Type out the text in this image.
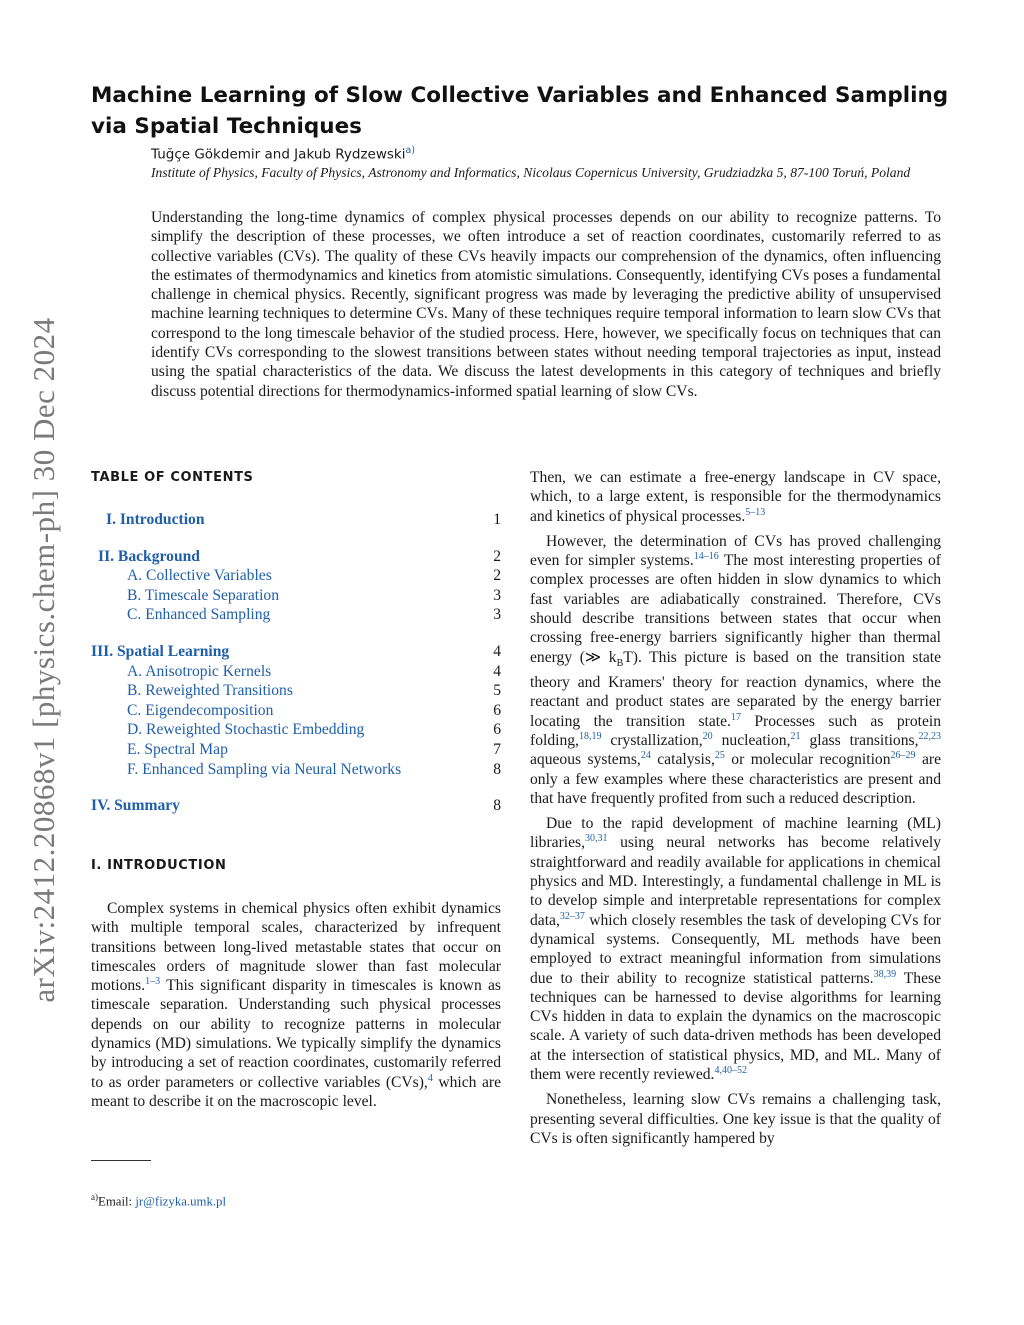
arXiv:2412.20868v1 [physics.chem-ph] 30 Dec 2024
Machine Learning of Slow Collective Variables and Enhanced Sampling via Spatial Techniques
Tuğçe Gökdemir and Jakub Rydzewski$^{a)}$
Institute of Physics, Faculty of Physics, Astronomy and Informatics, Nicolaus Copernicus University, Grudziadzka 5, 87-100 Toruń, Poland
Understanding the long-time dynamics of complex physical processes depends on our ability to recognize patterns. To simplify the description of these processes, we often introduce a set of reaction coordinates, customarily referred to as collective variables (CVs). The quality of these CVs heavily impacts our comprehension of the dynamics, often influencing the estimates of thermodynamics and kinetics from atomistic simulations. Consequently, identifying CVs poses a fundamental challenge in chemical physics. Recently, significant progress was made by leveraging the predictive ability of unsupervised machine learning techniques to determine CVs. Many of these techniques require temporal information to learn slow CVs that correspond to the long timescale behavior of the studied process. Here, however, we specifically focus on techniques that can identify CVs corresponding to the slowest transitions between states without needing temporal trajectories as input, instead using the spatial characteristics of the data. We discuss the latest developments in this category of techniques and briefly discuss potential directions for thermodynamics-informed spatial learning of slow CVs.
TABLE OF CONTENTS
I. Introduction	1
II. Background	2
A. Collective Variables	2
B. Timescale Separation	3
C. Enhanced Sampling	3
III. Spatial Learning	4
A. Anisotropic Kernels	4
B. Reweighted Transitions	5
C. Eigendecomposition	6
D. Reweighted Stochastic Embedding	6
E. Spectral Map	7
F. Enhanced Sampling via Neural Networks	8
IV. Summary	8
I. INTRODUCTION

Complex systems in chemical physics often exhibit dynamics with multiple temporal scales, characterized by infrequent transitions between long-lived metastable states that occur on timescales orders of magnitude slower than fast molecular motions.$^{1-3}$ This significant disparity in timescales is known as timescale separation. Understanding such physical processes depends on our ability to recognize patterns in molecular dynamics (MD) simulations. We typically simplify the dynamics by introducing a set of reaction coordinates, customarily referred to as order parameters or collective variables (CVs),$^4$ which are meant to describe it on the macroscopic level.

Then, we can estimate a free-energy landscape in CV space, which, to a large extent, is responsible for the thermodynamics and kinetics of physical processes.$^{5-13}$

However, the determination of CVs has proved challenging even for simpler systems.$^{14-16}$ The most interesting properties of complex processes are often hidden in slow dynamics to which fast variables are adiabatically constrained. Therefore, CVs should describe transitions between states that occur when crossing free-energy barriers significantly higher than thermal energy (≫ $k_BT$). This picture is based on the transition state theory and Kramers' theory for reaction dynamics, where the reactant and product states are separated by the energy barrier locating the transition state.$^{17}$ Processes such as protein folding,$^{18,19}$ crystallization,$^{20}$ nucleation,$^{21}$ glass transitions,$^{22,23}$ aqueous systems,$^{24}$ catalysis,$^{25}$ or molecular recognition$^{26-29}$ are only a few examples where these characteristics are present and that have frequently profited from such a reduced description.

Due to the rapid development of machine learning (ML) libraries,$^{30,31}$ using neural networks has become relatively straightforward and readily available for applications in chemical physics and MD. Interestingly, a fundamental challenge in ML is to develop simple and interpretable representations for complex data,$^{32-37}$ which closely resembles the task of developing CVs for dynamical systems. Consequently, ML methods have been employed to extract meaningful information from simulations due to their ability to recognize statistical patterns.$^{38,39}$ These techniques can be harnessed to devise algorithms for learning CVs hidden in data to explain the dynamics on the macroscopic scale. A variety of such data-driven methods has been developed at the intersection of statistical physics, MD, and ML. Many of them were recently reviewed.$^{4,40-52}$

Nonetheless, learning slow CVs remains a challenging task, presenting several difficulties. One key issue is that the quality of CVs is often significantly hampered by

$^{a)}$Email: jr@fizyka.umk.pl
